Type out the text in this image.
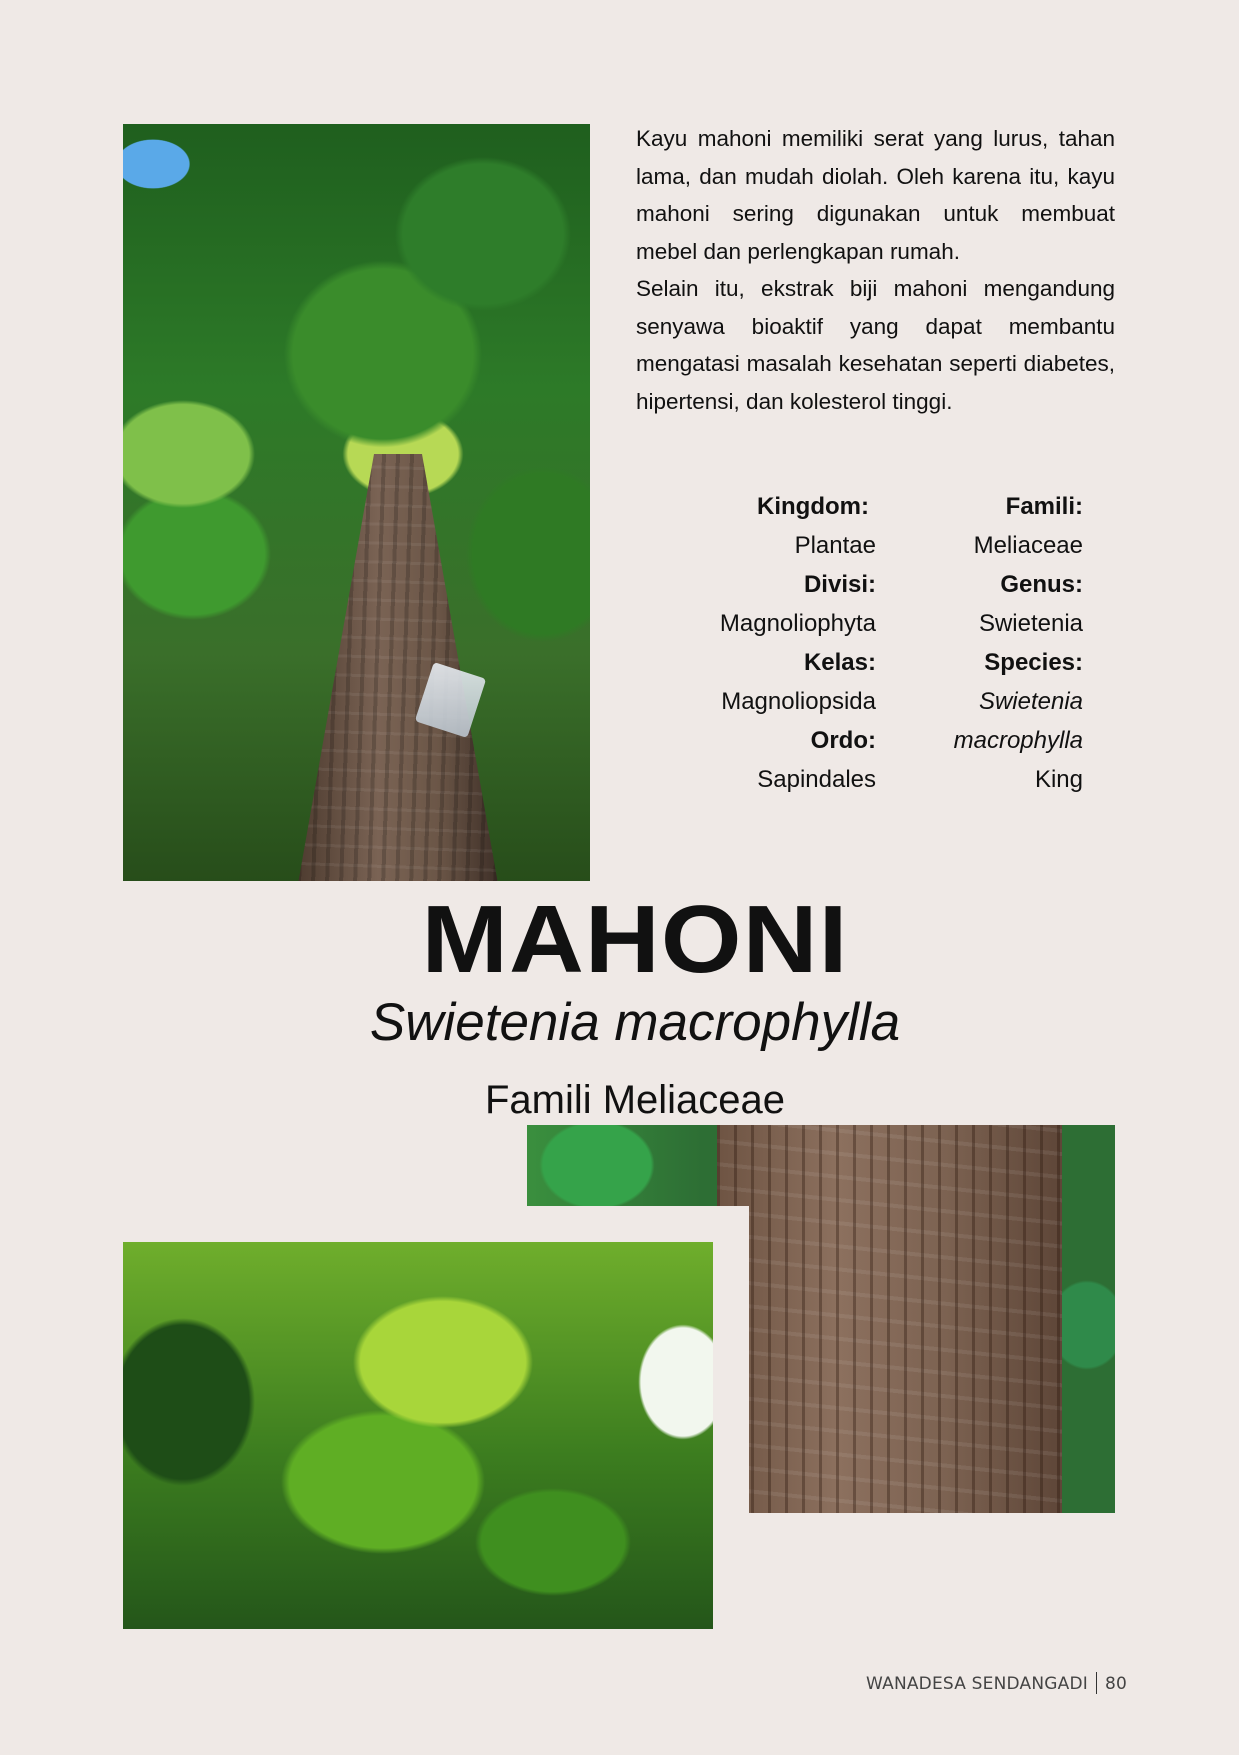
Kayu mahoni memiliki serat yang lurus, tahan lama, dan mudah diolah. Oleh karena itu, kayu mahoni sering digunakan untuk membuat mebel dan perlengkapan rumah.

Selain itu, ekstrak biji mahoni mengandung senyawa bioaktif yang dapat membantu mengatasi masalah kesehatan seperti diabetes, hipertensi, dan kolesterol tinggi.

Kingdom:
Plantae
Divisi:
Magnoliophyta
Kelas:
Magnoliopsida
Ordo:
Sapindales
Famili:
Meliaceae
Genus:
Swietenia
Species:
Swietenia
macrophylla
King
MAHONI
Swietenia macrophylla
Famili Meliaceae
WANADESA SENDANGADI 80
